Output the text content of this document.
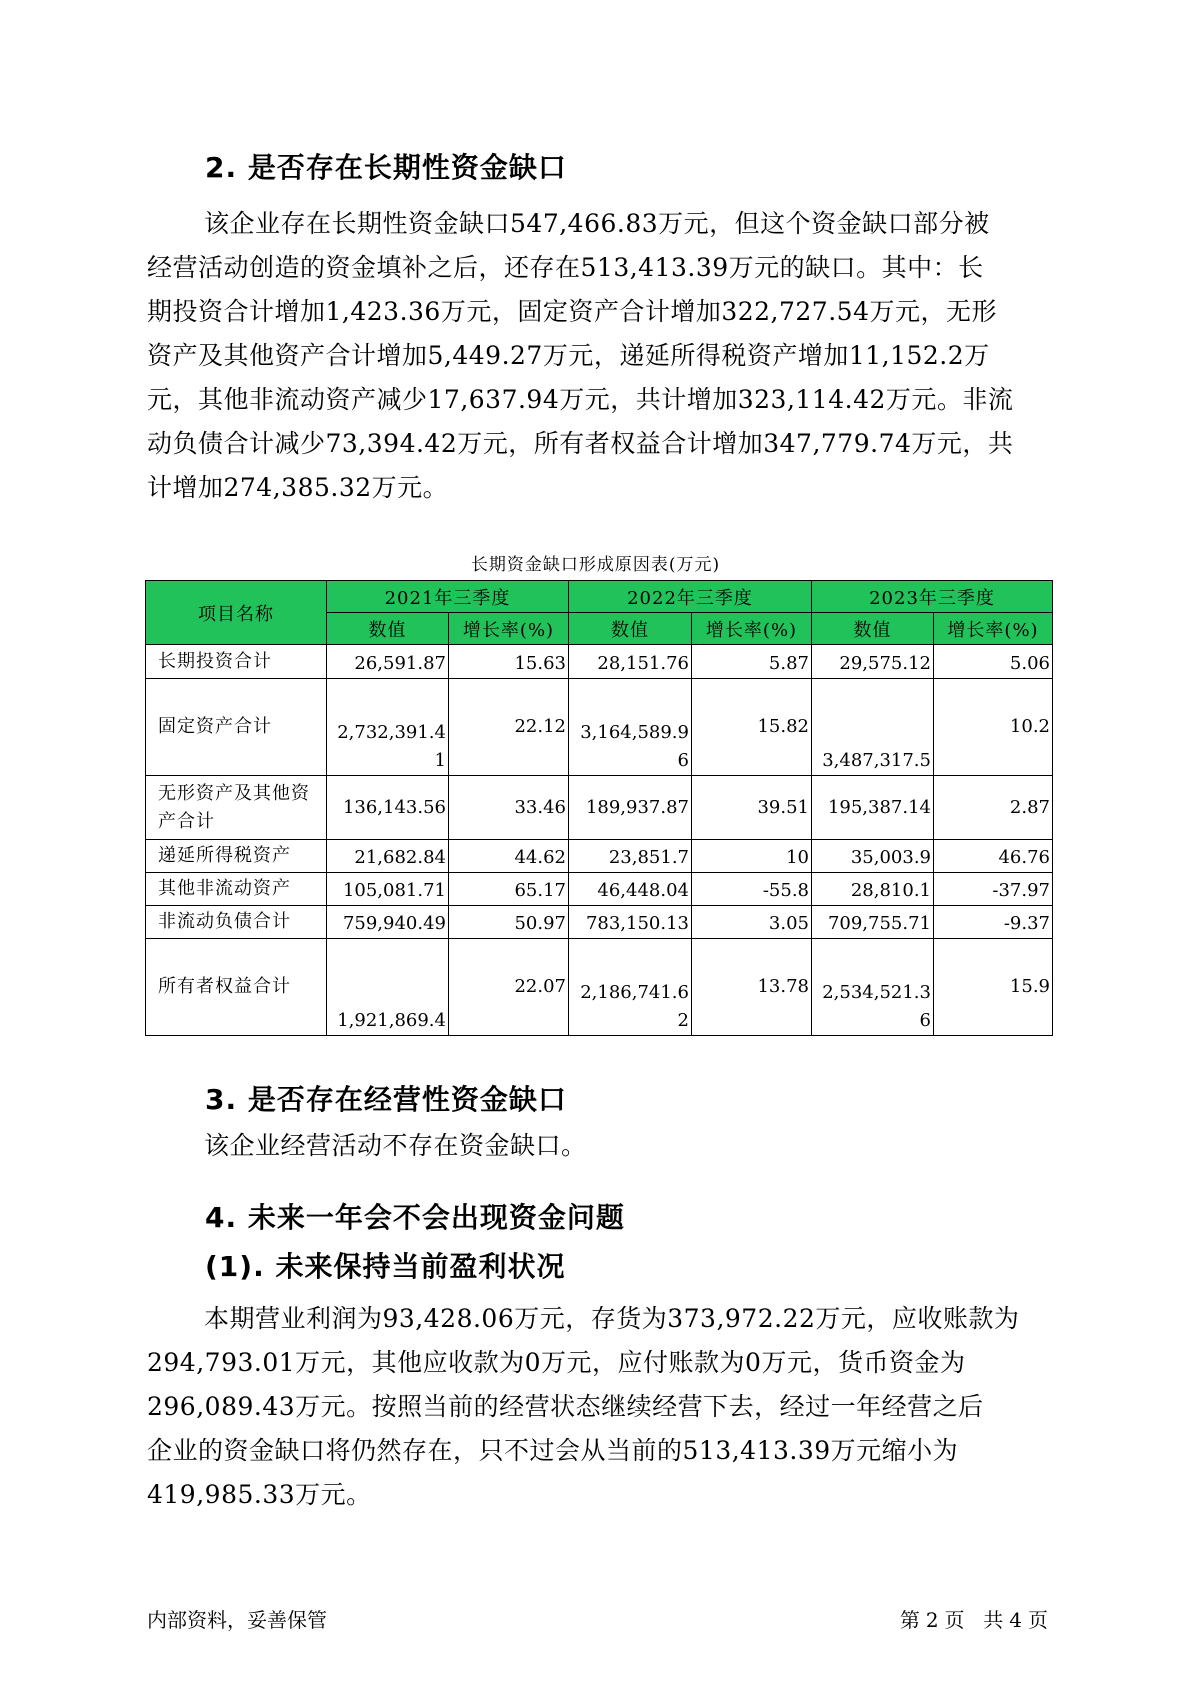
2. 是否存在长期性资金缺口
该企业存在长期性资金缺口547,466.83万元，但这个资金缺口部分被
经营活动创造的资金填补之后，还存在513,413.39万元的缺口。其中：长
期投资合计增加1,423.36万元，固定资产合计增加322,727.54万元，无形
资产及其他资产合计增加5,449.27万元，递延所得税资产增加11,152.2万
元，其他非流动资产减少17,637.94万元，共计增加323,114.42万元。非流
动负债合计减少73,394.42万元，所有者权益合计增加347,779.74万元，共
计增加274,385.32万元。
长期资金缺口形成原因表(万元)
项目名称	2021年三季度		2022年三季度		2023年三季度	
	数值	增长率(%)	数值	增长率(%)	数值	增长率(%)
长期投资合计	26,591.87	15.63	28,151.76	5.87	29,575.12	5.06
固定资产合计	2,732,391.41	22.12	3,164,589.96	15.82	3,487,317.5	10.2
无形资产及其他资产合计	136,143.56	33.46	189,937.87	39.51	195,387.14	2.87
递延所得税资产	21,682.84	44.62	23,851.7	10	35,003.9	46.76
其他非流动资产	105,081.71	65.17	46,448.04	-55.8	28,810.1	-37.97
非流动负债合计	759,940.49	50.97	783,150.13	3.05	709,755.71	-9.37
所有者权益合计	1,921,869.4	22.07	2,186,741.62	13.78	2,534,521.36	15.9
3. 是否存在经营性资金缺口
该企业经营活动不存在资金缺口。
4. 未来一年会不会出现资金问题
(1). 未来保持当前盈利状况
本期营业利润为93,428.06万元，存货为373,972.22万元，应收账款为
294,793.01万元，其他应收款为0万元，应付账款为0万元，货币资金为
296,089.43万元。按照当前的经营状态继续经营下去，经过一年经营之后
企业的资金缺口将仍然存在，只不过会从当前的513,413.39万元缩小为
419,985.33万元。
内部资料，妥善保管	第 2 页 共 4 页
